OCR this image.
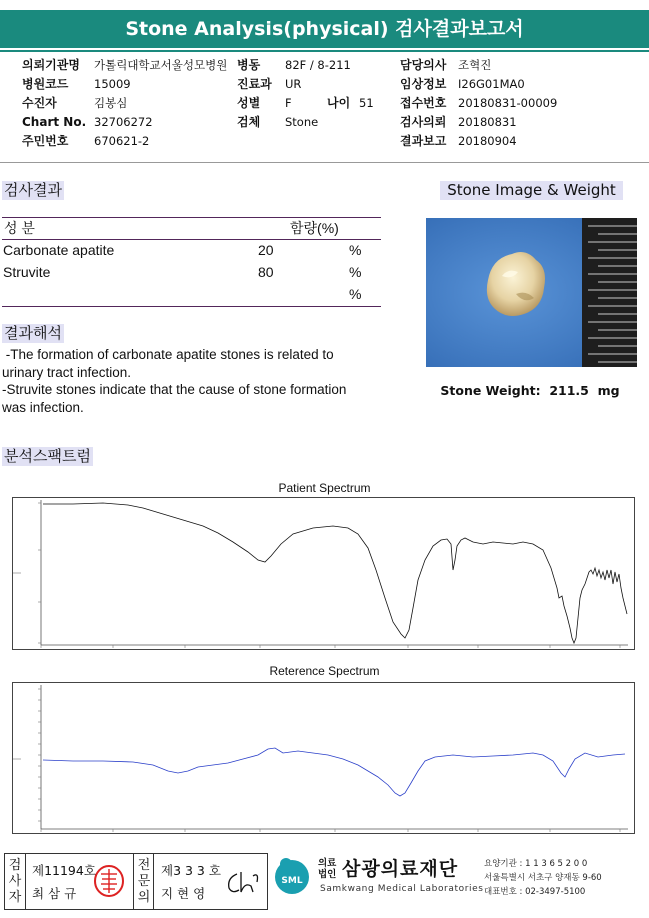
Stone Analysis(physical) 검사결과보고서
의뢰기관명 가톨릭대학교서울성모병원
병원코드 15009
수진자	김봉심
Chart No. 32706272
주민번호 670621-2
병동 82F / 8-211
진료과 UR
성별 F	나이 51
검체 Stone
담당의사 조혁진
임상정보 I26G01MA0
접수번호 20180831-00009
검사의뢰 20180831
결과보고 20180904
검사결과
성 분	함량(%)
Carbonate apatite	20	%
Struvite	80	%
%
Stone Image & Weight
Stone Weight: 211.5 mg
결과해석
-The formation of carbonate apatite stones is related to
urinary tract infection.
-Struvite stones indicate that the cause of stone formation
was infection.
분석스팩트럼
Patient Spectrum
Reterence Spectrum
검
사
자
제11194호
최 삼 규
전
문
의
제3 3 3 호
지 현 영
SML
의료
법인 삼광의료재단
Samkwang Medical Laboratories
요양기관 : 1 1 3 6 5 2 0 0
서울특별시 서초구 양재동 9-60
대표번호 : 02-3497-5100
